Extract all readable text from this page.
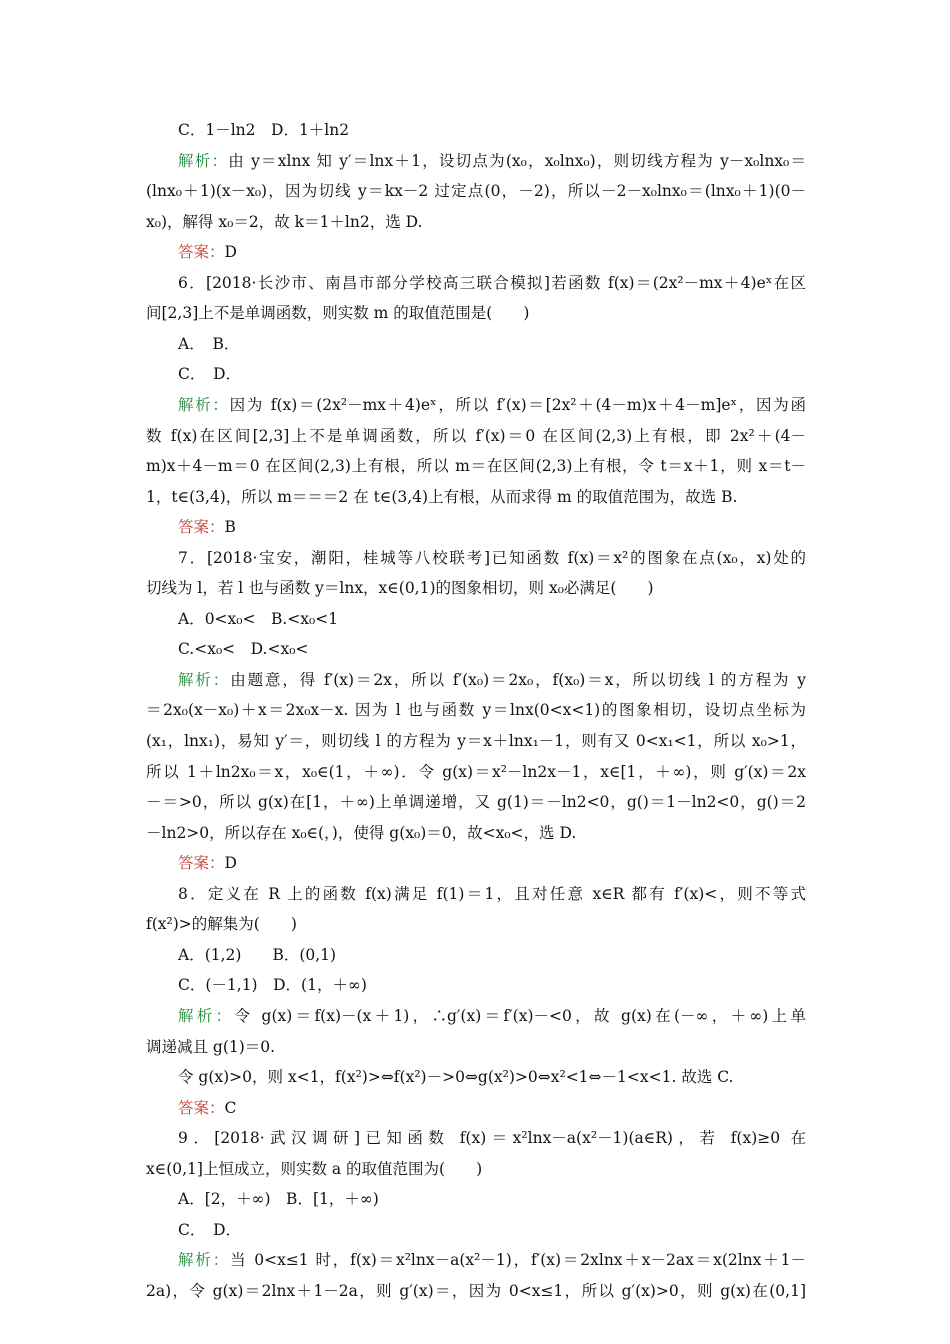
C．1－ln2　D．1＋ln2
解析：由 y＝xlnx 知 y′＝lnx＋1，设切点为(x₀，x₀lnx₀)，则切线方程为 y－x₀lnx₀＝
(lnx₀＋1)(x－x₀)，因为切线 y＝kx－2 过定点(0，－2)，所以－2－x₀lnx₀＝(lnx₀＋1)(0－
x₀)，解得 x₀＝2，故 k＝1＋ln2，选 D.
答案：D
6．[2018·长沙市、南昌市部分学校高三联合模拟]若函数 f(x)＝(2x²－mx＋4)eˣ在区
间[2,3]上不是单调函数，则实数 m 的取值范围是(　　)
A．　B．
C．　D．
解析：因为 f(x)＝(2x²－mx＋4)eˣ，所以 f′(x)＝[2x²＋(4－m)x＋4－m]eˣ，因为函
数 f(x)在区间[2,3]上不是单调函数，所以 f′(x)＝0 在区间(2,3)上有根，即 2x²＋(4－
m)x＋4－m＝0 在区间(2,3)上有根，所以 m＝在区间(2,3)上有根，令 t＝x＋1，则 x＝t－
1，t∈(3,4)，所以 m＝＝＝2 在 t∈(3,4)上有根，从而求得 m 的取值范围为，故选 B.
答案：B
7．[2018·宝安，潮阳，桂城等八校联考]已知函数 f(x)＝x²的图象在点(x₀，x)处的
切线为 l，若 l 也与函数 y＝lnx，x∈(0,1)的图象相切，则 x₀必满足(　　)
A．0<x₀<　B.<x₀<1
C.<x₀<　D.<x₀<
解析：由题意，得 f′(x)＝2x，所以 f′(x₀)＝2x₀，f(x₀)＝x，所以切线 l 的方程为 y
＝2x₀(x－x₀)＋x＝2x₀x－x. 因为 l 也与函数 y＝lnx(0<x<1)的图象相切，设切点坐标为
(x₁，lnx₁)，易知 y′＝，则切线 l 的方程为 y＝x＋lnx₁－1，则有又 0<x₁<1，所以 x₀>1，
所以 1＋ln2x₀＝x，x₀∈(1，＋∞)．令 g(x)＝x²－ln2x－1，x∈[1，＋∞)，则 g′(x)＝2x
－＝>0，所以 g(x)在[1，＋∞)上单调递增，又 g(1)＝－ln2<0，g()＝1－ln2<0，g()＝2
－ln2>0，所以存在 x₀∈(，)，使得 g(x₀)＝0，故<x₀<，选 D.
答案：D
8．定义在 R 上的函数 f(x)满足 f(1)＝1，且对任意 x∈R 都有 f′(x)<，则不等式
f(x²)>的解集为(　　)
A．(1,2)　　B．(0,1)
C．(－1,1)　D．(1，＋∞)
解析：令 g(x)＝f(x)－(x＋1)，∴g′(x)＝f′(x)－<0，故 g(x)在(－∞，＋∞)上单
调递减且 g(1)＝0.
令 g(x)>0，则 x<1，f(x²)>⇔f(x²)－>0⇔g(x²)>0⇔x²<1⇔－1<x<1. 故选 C.
答案：C
9．[2018·武汉调研]已知函数 f(x)＝x²lnx－a(x²－1)(a∈R)，若 f(x)≥0 在
x∈(0,1]上恒成立，则实数 a 的取值范围为(　　)
A．[2，＋∞)　B．[1，＋∞)
C．　D．
解析：当 0<x≤1 时，f(x)＝x²lnx－a(x²－1)，f′(x)＝2xlnx＋x－2ax＝x(2lnx＋1－
2a)，令 g(x)＝2lnx＋1－2a，则 g′(x)＝，因为 0<x≤1，所以 g′(x)>0，则 g(x)在(0,1]
